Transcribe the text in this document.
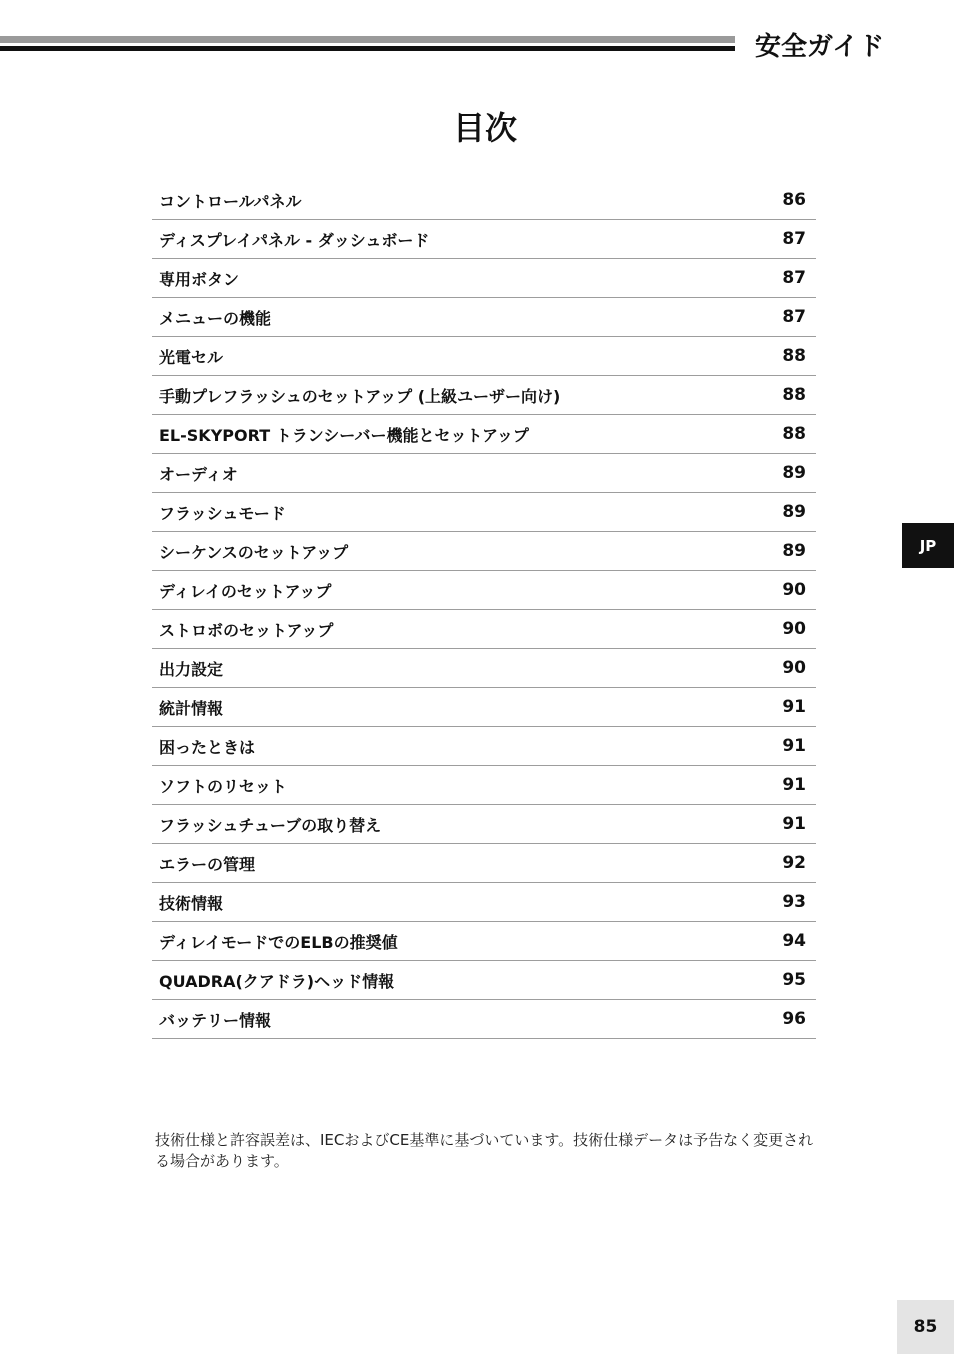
安全ガイド
目次
コントロールパネル	86
ディスプレイパネル - ダッシュボード	87
専用ボタン	87
メニューの機能	87
光電セル	88
手動プレフラッシュのセットアップ (上級ユーザー向け)	88
EL-SKYPORT トランシーバー機能とセットアップ	88
オーディオ	89
フラッシュモード	89
シーケンスのセットアップ	89
ディレイのセットアップ	90
ストロボのセットアップ	90
出力設定	90
統計情報	91
困ったときは	91
ソフトのリセット	91
フラッシュチューブの取り替え	91
エラーの管理	92
技術情報	93
ディレイモードでのELBの推奨値	94
QUADRA(クアドラ)ヘッド情報	95
バッテリー情報	96
技術仕様と許容誤差は、IECおよびCE基準に基づいています。技術仕様データは予告なく変更される場合があります。
JP
85
